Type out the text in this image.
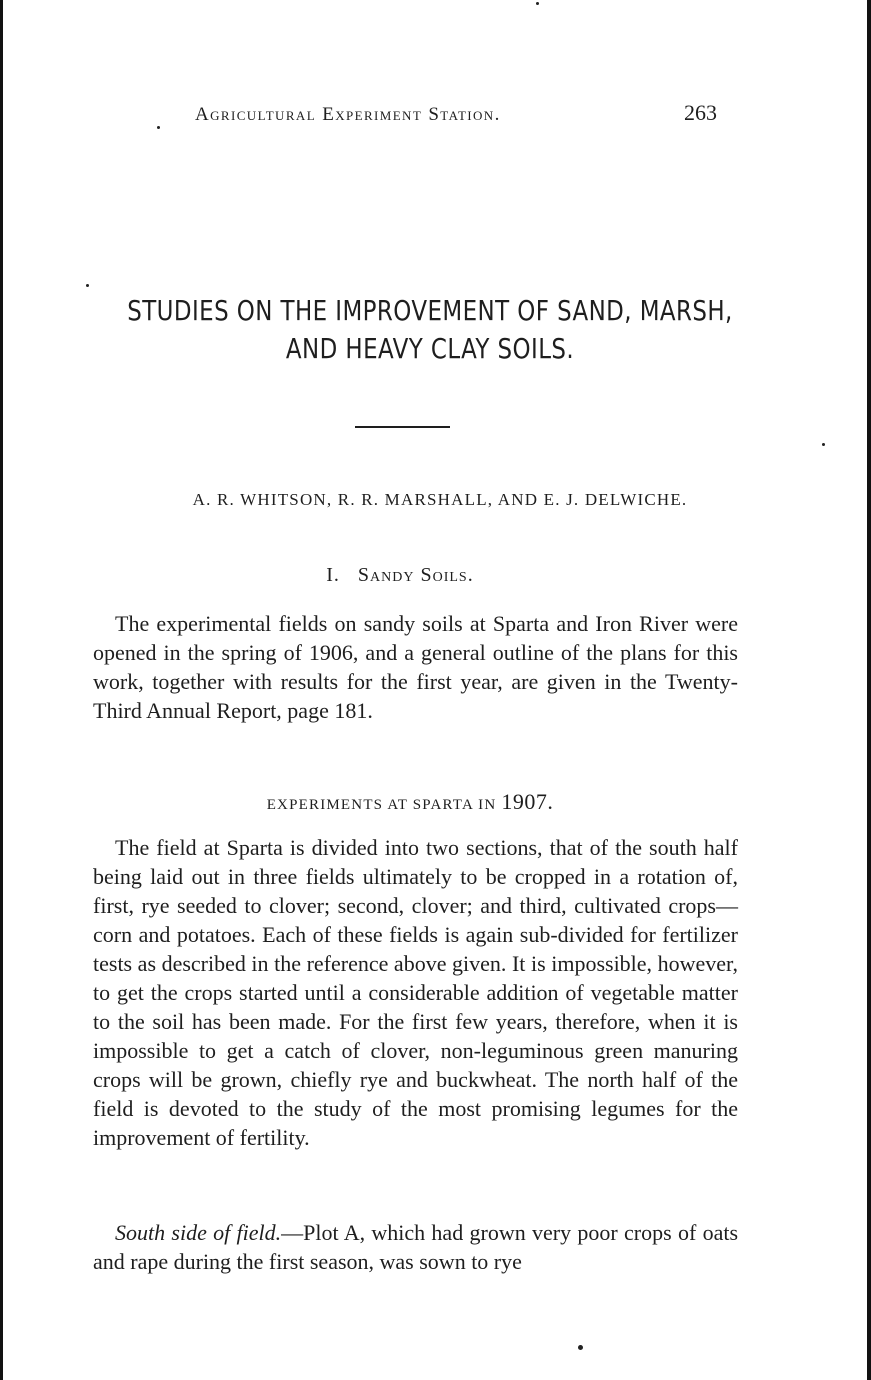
Agricultural Experiment Station.	263
STUDIES ON THE IMPROVEMENT OF SAND, MARSH,
AND HEAVY CLAY SOILS.
A. R. WHITSON, R. R. MARSHALL, AND E. J. DELWICHE.
I. Sandy Soils.

The experimental fields on sandy soils at Sparta and Iron River were opened in the spring of 1906, and a general outline of the plans for this work, together with results for the first year, are given in the Twenty-Third Annual Report, page 181.

EXPERIMENTS AT SPARTA IN 1907.

The field at Sparta is divided into two sections, that of the south half being laid out in three fields ultimately to be cropped in a rotation of, first, rye seeded to clover; second, clover; and third, cultivated crops—corn and potatoes. Each of these fields is again sub-divided for fertilizer tests as described in the reference above given. It is impossible, however, to get the crops started until a considerable addition of vegetable matter to the soil has been made. For the first few years, therefore, when it is impossible to get a catch of clover, non-leguminous green manuring crops will be grown, chiefly rye and buckwheat. The north half of the field is devoted to the study of the most promising legumes for the improvement of fertility.

South side of field.—Plot A, which had grown very poor crops of oats and rape during the first season, was sown to rye
